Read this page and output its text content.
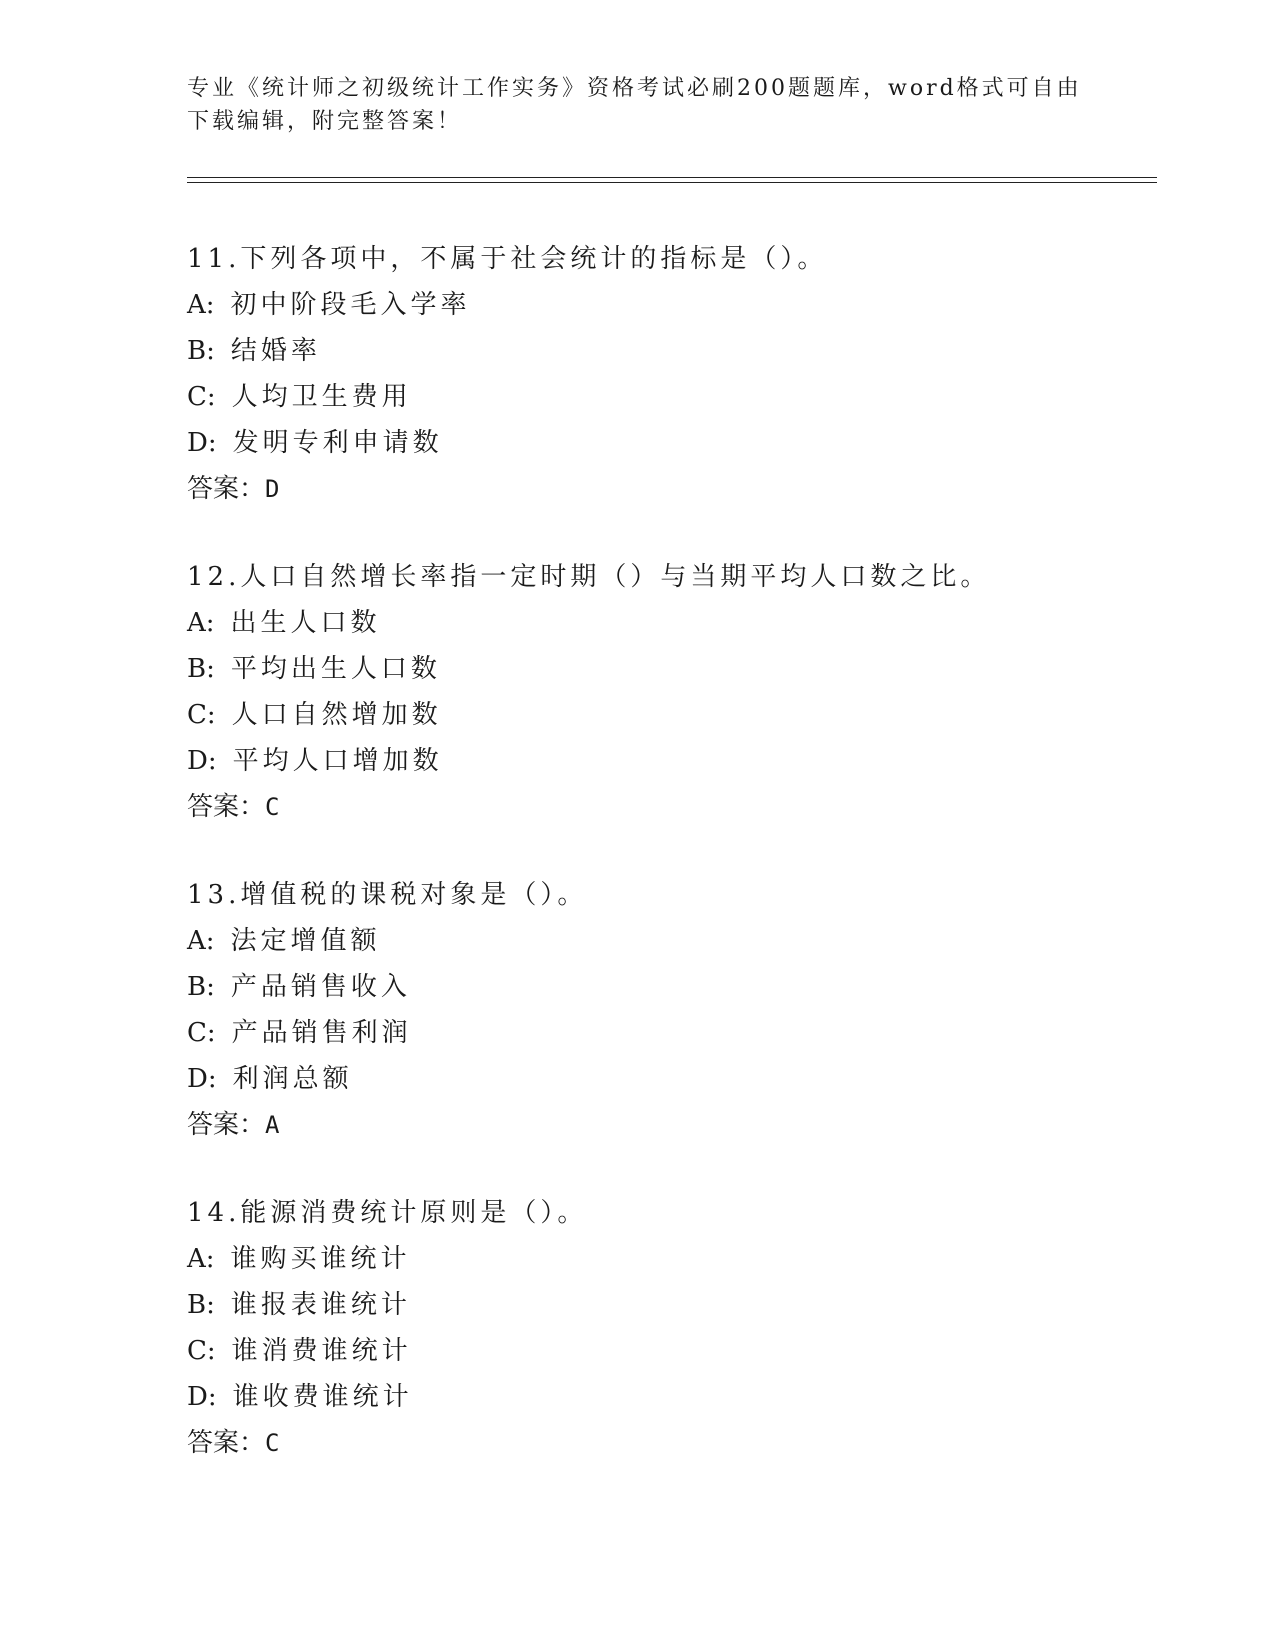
专业《统计师之初级统计工作实务》资格考试必刷200题题库，word格式可自由
下载编辑，附完整答案！
11.下列各项中，不属于社会统计的指标是（）。
A: 初中阶段毛入学率
B: 结婚率
C: 人均卫生费用
D: 发明专利申请数
答案：D
12.人口自然增长率指一定时期（）与当期平均人口数之比。
A: 出生人口数
B: 平均出生人口数
C: 人口自然增加数
D: 平均人口增加数
答案：C
13.增值税的课税对象是（）。
A: 法定增值额
B: 产品销售收入
C: 产品销售利润
D: 利润总额
答案：A
14.能源消费统计原则是（）。
A: 谁购买谁统计
B: 谁报表谁统计
C: 谁消费谁统计
D: 谁收费谁统计
答案：C
